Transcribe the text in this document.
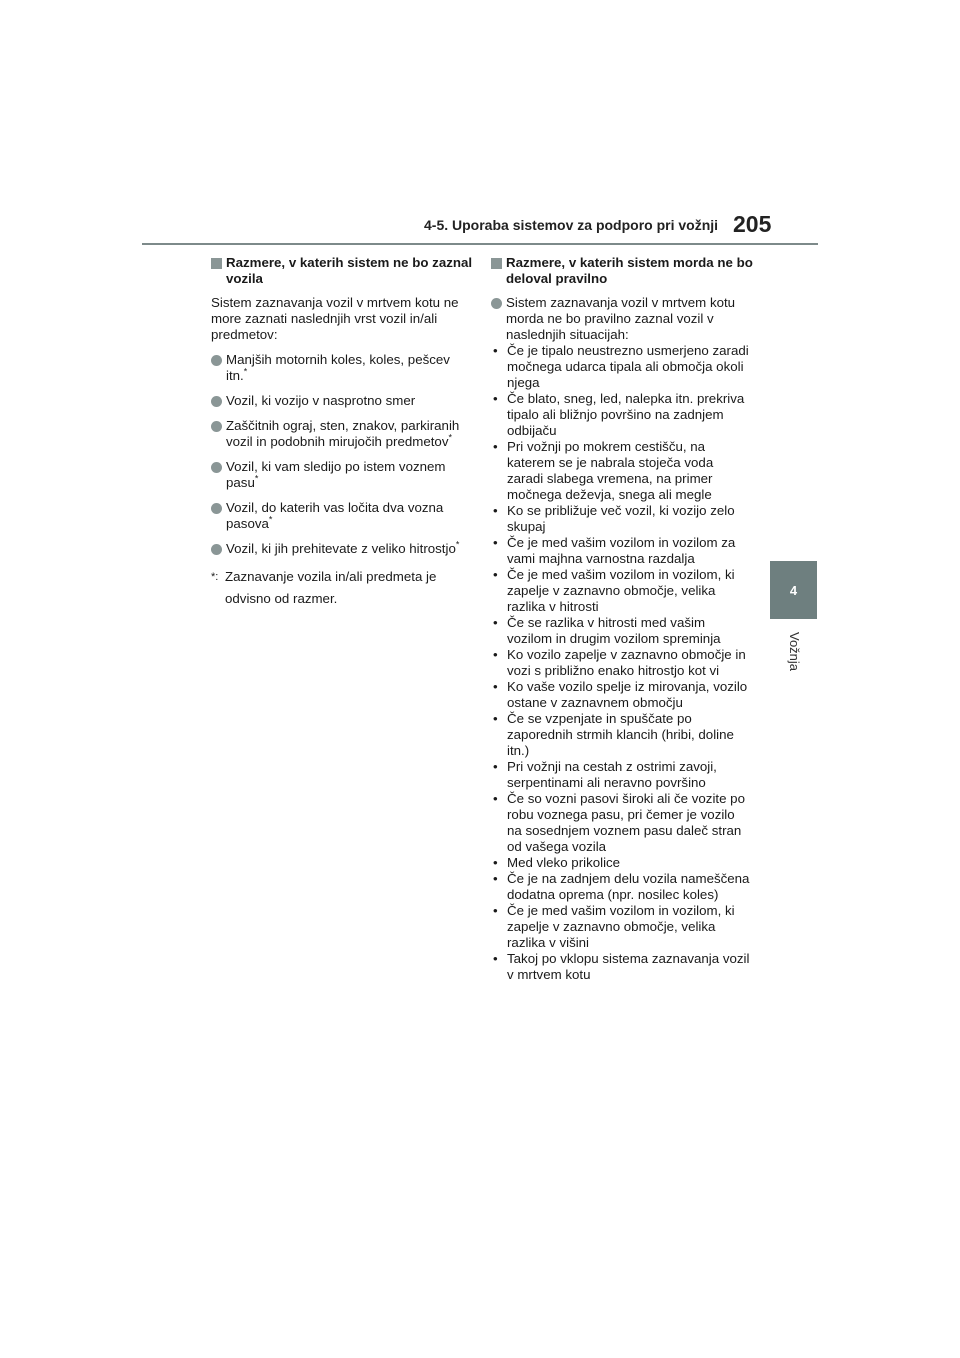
4-5. Uporaba sistemov za podporo pri vožnji 205
4
Vožnja
Razmere, v katerih sistem ne bo zaznal vozila

Sistem zaznavanja vozil v mrtvem kotu ne more zaznati naslednjih vrst vozil in/ali predmetov:

Manjših motornih koles, koles, pešcev itn.*
Vozil, ki vozijo v nasprotno smer
Zaščitnih ograj, sten, znakov, parkiranih vozil in podobnih mirujočih predmetov*
Vozil, ki vam sledijo po istem voznem pasu*
Vozil, do katerih vas ločita dva vozna pasova*
Vozil, ki jih prehitevate z veliko hitrostjo*
*: Zaznavanje vozila in/ali predmeta je odvisno od razmer.
Razmere, v katerih sistem morda ne bo deloval pravilno
Sistem zaznavanja vozil v mrtvem kotu morda ne bo pravilno zaznal vozil v naslednjih situacijah:
• Če je tipalo neustrezno usmerjeno zaradi močnega udarca tipala ali območja okoli njega
• Če blato, sneg, led, nalepka itn. prekriva tipalo ali bližnjo površino na zadnjem odbijaču
• Pri vožnji po mokrem cestišču, na katerem se je nabrala stoječa voda zaradi slabega vremena, na primer močnega deževja, snega ali megle
• Ko se približuje več vozil, ki vozijo zelo skupaj
• Če je med vašim vozilom in vozilom za vami majhna varnostna razdalja
• Če je med vašim vozilom in vozilom, ki zapelje v zaznavno območje, velika razlika v hitrosti
• Če se razlika v hitrosti med vašim vozilom in drugim vozilom spreminja
• Ko vozilo zapelje v zaznavno območje in vozi s približno enako hitrostjo kot vi
• Ko vaše vozilo spelje iz mirovanja, vozilo ostane v zaznavnem območju
• Če se vzpenjate in spuščate po zaporednih strmih klancih (hribi, doline itn.)
• Pri vožnji na cestah z ostrimi zavoji, serpentinami ali neravno površino
• Če so vozni pasovi široki ali če vozite po robu voznega pasu, pri čemer je vozilo na sosednjem voznem pasu daleč stran od vašega vozila
• Med vleko prikolice
• Če je na zadnjem delu vozila nameščena dodatna oprema (npr. nosilec koles)
• Če je med vašim vozilom in vozilom, ki zapelje v zaznavno območje, velika razlika v višini
• Takoj po vklopu sistema zaznavanja vozil v mrtvem kotu
